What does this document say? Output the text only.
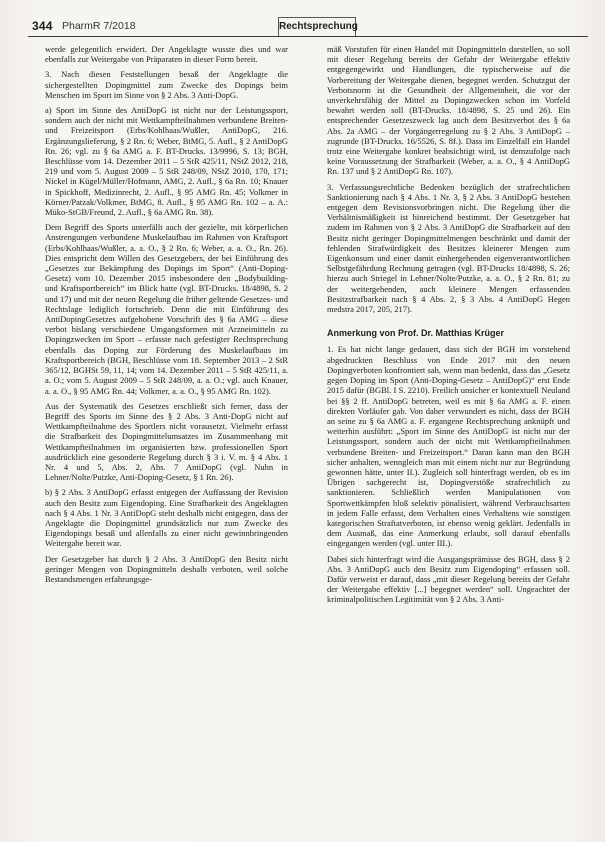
344 PharmR 7/2018	Rechtsprechung

werde gelegentlich erwidert. Der Angeklagte wusste dies und war ebenfalls zur Weitergabe von Präparaten in dieser Form bereit.

3. Nach diesen Feststellungen besaß der Angeklagte die sichergestellten Dopingmittel zum Zwecke des Dopings beim Menschen im Sport im Sinne von § 2 Abs. 3 Anti-DopG.

a) Sport im Sinne des AntiDopG ist nicht nur der Leistungssport, sondern auch der nicht mit Wettkampfteilnahmen verbundene Breiten- und Freizeitsport (Erbs/Kohlhaas/Wußler, AntiDopG, 216. Ergänzungslieferung, § 2 Rn. 6; Weber, BtMG, 5. Aufl., § 2 AntiDopG Rn. 26; vgl. zu § 6a AMG a. F. BT-Drucks. 13/9996, S. 13; BGH, Beschlüsse vom 14. Dezember 2011 – 5 StR 425/11, NStZ 2012, 218, 219 und vom 5. August 2009 – 5 StR 248/09, NStZ 2010, 170, 171; Nickel in Kügel/Müller/Hofmann, AMG, 2. Aufl., § 6a Rn. 10; Knauer in Spickhoff, Medizinrecht, 2. Aufl., § 95 AMG Rn. 45; Volkmer in Körner/Patzak/Volkmer, BtMG, 8. Aufl., § 95 AMG Rn. 102 – a. A.: Müko-StGB/Freund, 2. Aufl., § 6a AMG Rn. 38).

Dem Begriff des Sports unterfällt auch der gezielte, mit körperlichen Anstrengungen verbundene Muskelaufbau im Rahmen von Kraftsport (Erbs/Kohlhaas/Wußler, a. a. O., § 2 Rn. 6; Weber, a. a. O., Rn. 26). Dies entspricht dem Willen des Gesetzgebers, der bei Einführung des „Gesetzes zur Bekämpfung des Dopings im Sport“ (Anti-Doping-Gesetz) vom 10. Dezember 2015 insbesondere den „Bodybuilding- und Kraftsportbereich“ im Blick hatte (vgl. BT-Drucks. 18/4898, S. 2 und 17) und mit der neuen Regelung die früher geltende Gesetzes- und Rechtslage lediglich fortschrieb. Denn die mit Einführung des AntiDopingGesetzes aufgehobene Vorschrift des § 6a AMG – diese verbot bislang verschiedene Umgangsformen mit Arzneimitteln zu Dopingzwecken im Sport – erfasste nach gefestigter Rechtsprechung ebenfalls das Doping zur Förderung des Muskelaufbaus im Kraftsportbereich (BGH, Beschlüsse vom 18. September 2013 – 2 StR 365/12, BGHSt 59, 11, 14; vom 14. Dezember 2011 – 5 StR 425/11, a. a. O.; vom 5. August 2009 – 5 StR 248/09, a. a. O.; vgl. auch Knauer, a. a. O., § 95 AMG Rn. 44; Volkmer, a. a. O., § 95 AMG Rn. 102).

Aus der Systematik des Gesetzes erschließt sich ferner, dass der Begriff des Sports im Sinne des § 2 Abs. 3 Anti-DopG nicht auf Wettkampfteilnahme des Sportlers nicht vorausetzt. Vielmehr erfasst die Strafbarkeit des Dopingmittelumsatzes im Zusammenhang mit Wettkampfteilnahmen im organisierten bzw. professionellen Sport ausdrücklich eine gesonderte Regelung durch § 3 i. V. m. § 4 Abs. 1 Nr. 4 und 5, Abs. 2, Abs. 7 AntiDopG (vgl. Nuhn in Lehner/Nolte/Putzke, Anti-Doping-Gesetz, § 1 Rn. 26).

b) § 2 Abs. 3 AntiDopG erfasst entgegen der Auffassung der Revision auch den Besitz zum Eigendoping. Eine Strafbarkeit des Angeklagten nach § 4 Abs. 1 Nr. 3 AntiDopG steht deshalb nicht entgegen, dass der Angeklagte die Dopingmittel grundsätzlich nur zum Zwecke des Eigendopings besaß und allenfalls zu einer nicht gewinnbringenden Weitergabe bereit war.

Der Gesetzgeber hat durch § 2 Abs. 3 AntiDopG den Besitz nicht geringer Mengen von Dopingmitteln deshalb verboten, weil solche Bestandsmengen erfahrungsge-

mäß Vorstufen für einen Handel mit Dopingmitteln darstellen, so soll mit dieser Regelung bereits der Gefahr der Weitergabe effektiv entgegengewirkt und Handlungen, die typischerweise auf die Vorbereitung der Weitergabe dienen, begegnet werden. Schutzgut der Verbotsnorm ist die Gesundheit der Allgemeinheit, die vor der unverkehrsfähig der Mittel zu Dopingzwecken schon im Vorfeld bewahrt werden soll (BT-Drucks. 18/4898, S. 25 und 26). Ein entsprechender Gesetzeszweck lag auch dem Besitzverbot des § 6a Abs. 2a AMG – der Vorgängerregelung zu § 2 Abs. 3 AntiDopG – zugrunde (BT-Drucks. 16/5526, S. 8f.). Dass im Einzelfall ein Handel trotz eine Weitergabe konkret beabsichtigt wird, ist demzufolge nach keine Voraussetzung der Strafbarkeit (Weber, a. a. O., § 4 AntiDopG Rn. 137 und § 2 AntiDopG Rn. 107).

3. Verfassungsrechtliche Bedenken bezüglich der strafrechtlichen Sanktionierung nach § 4 Abs. 1 Nr. 3, § 2 Abs. 3 AntiDopG bestehen entgegen dem Revisionsvorbringen nicht. Die Regelung über die Verhältnismäßigkeit ist hinreichend bestimmt. Der Gesetzgeber hat zudem im Rahmen von § 2 Abs. 3 AntiDopG die Strafbarkeit auf den Besitz nicht geringer Dopingmittelmengen beschränkt und damit der fehlenden Strafwürdigkeit des Besitzes kleinerer Mengen zum Eigenkonsum und einer damit einhergehenden eigenverantwortlichen Selbstgefährdung Rechnung getragen (vgl. BT-Drucks 18/4898, S. 26; hierzu auch Striegel in Lehner/Nolte/Putzke, a. a. O., § 2 Rn. 81; zu der weitergehenden, auch kleinere Mengen erfassenden Besitzstrafbarkeit nach § 4 Abs. 2, § 3 Abs. 4 AntiDopG Hegen medstra 2017, 205, 217).

Anmerkung von Prof. Dr. Matthias Krüger

1. Es hat nicht lange gedauert, dass sich der BGH im vorstehend abgedruckten Beschluss von Ende 2017 mit den neuen Dopingverboten konfrontiert sah, wenn man bedenkt, dass das „Gesetz gegen Doping im Sport (Anti-Doping-Gesetz – AntiDopG)“ erst Ende 2015 dafür (BGBl. I S. 2210). Freilich unsicher er kontextuell Neuland bei §§ 2 ff. AntiDopG betreten, weil es mit § 6a AMG a. F. einen direkten Vorläufer gab. Von daher verwundert es nicht, dass der BGH an seine zu § 6a AMG a. F. ergangene Rechtsprechung anknüpft und weiterhin ausführt: „Sport im Sinne des AntiDopG ist nicht nur der Leistungssport, sondern auch der nicht mit Wettkampfteilnahmen verbundene Breiten- und Freizeitsport.“ Daran kann man den BGH sicher anhalten, wenngleich man mit einem nicht nur zur Begründung gewonnen hätte, unter II.). Zugleich soll hinterfragt werden, ob es im Übrigen sachgerecht ist, Dopingverstöße strafrechtlich zu sanktionieren. Schließlich werden Manipulationen von Sportwettkämpfen bloß selektiv pönalisiert, während Verbrauchsarten in jedem Falle erfasst, dem Verhalten eines Verhaltens wie sonstigen kategorischen Straftatverboten, ist ebenso wenig geklärt. Jedenfalls in dem Ausmaß, das eine Anmerkung erlaubt, soll darauf ebenfalls eingegangen werden (vgl. unter III.).

Dabei sich hinterfragt wird die Ausgangsprämisse des BGH, dass § 2 Abs. 3 AntiDopG auch den Besitz zum Eigendoping“ erfassen soll. Dafür verweist er darauf, dass „mit dieser Regelung bereits der Gefahr der Weitergabe effektiv [...] begegnet werden“ soll. Ungeachtet der kriminalpolitischen Legitimität von § 2 Abs. 3 Anti-
